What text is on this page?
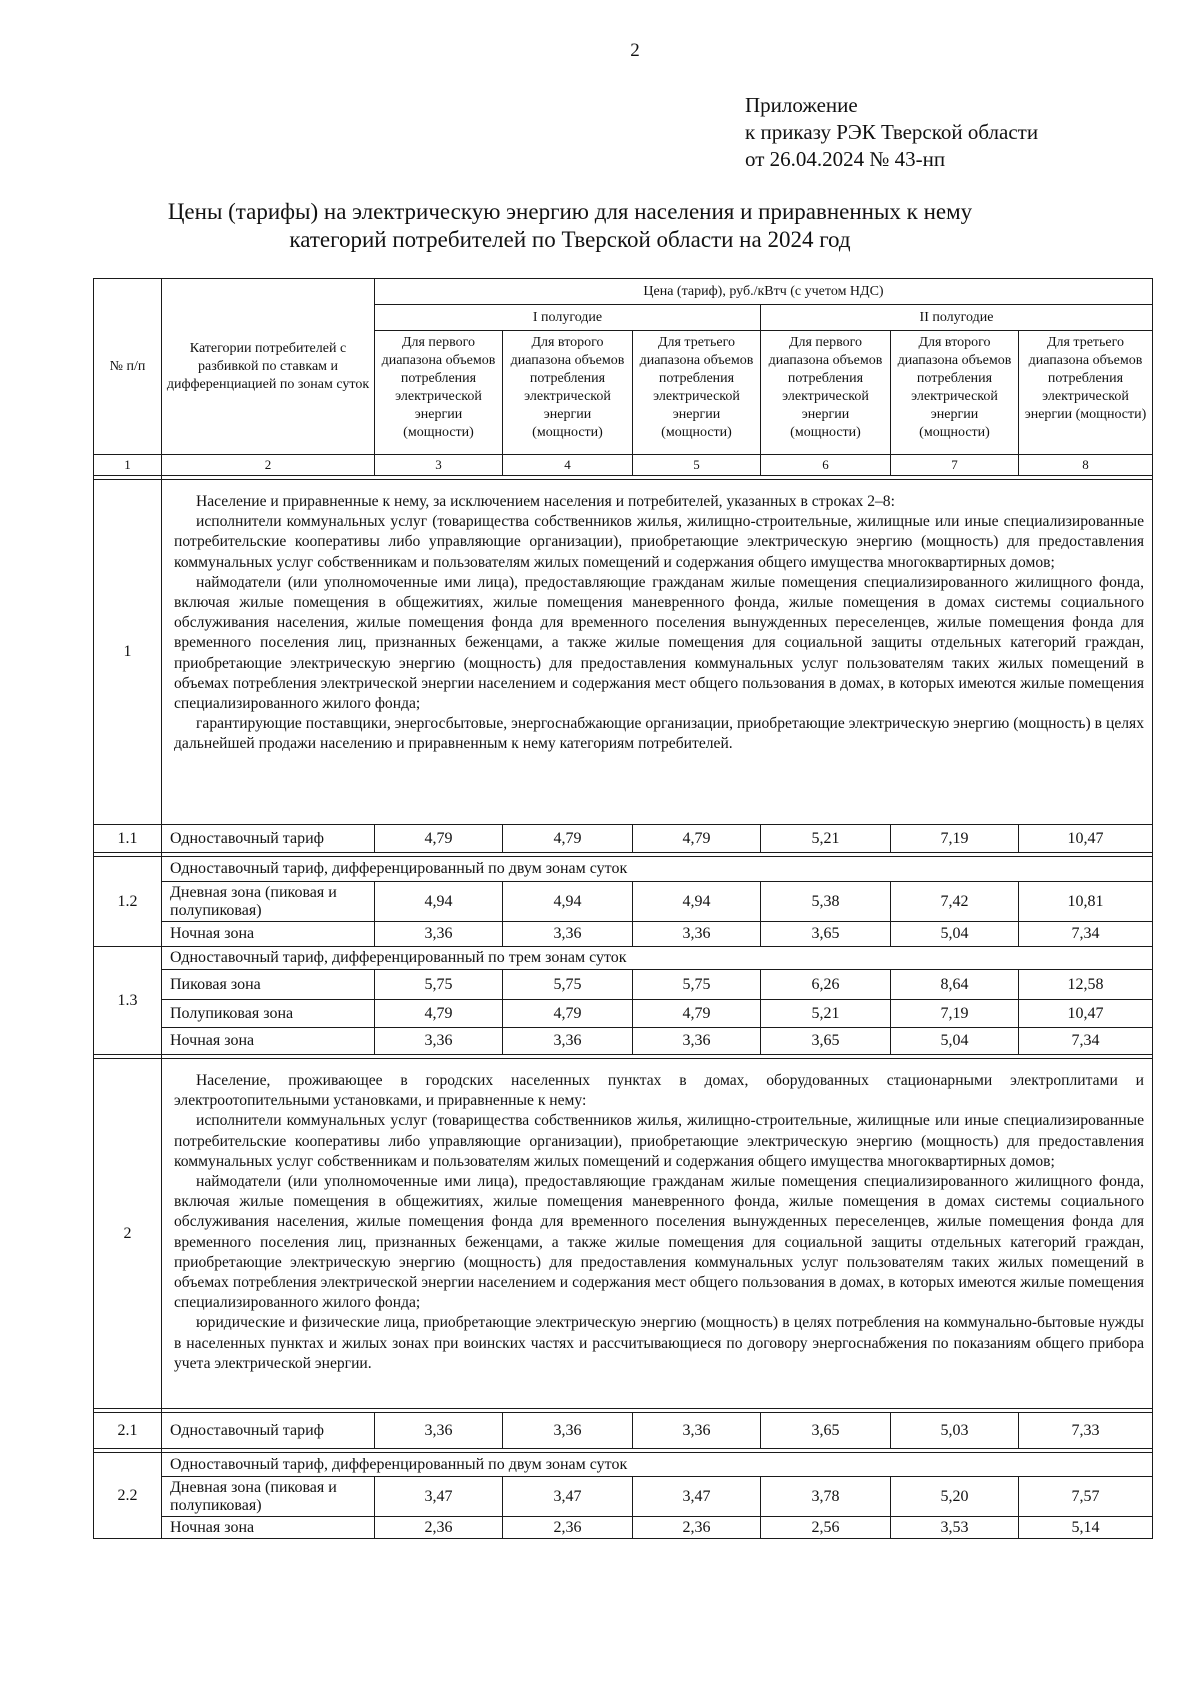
2
Приложение
к приказу РЭК Тверской области
от 26.04.2024 № 43-нп
Цены (тарифы) на электрическую энергию для населения и приравненных к нему
категорий потребителей по Тверской области на 2024 год
№ п/п	Категории потребителей с разбивкой по ставкам и дифференциацией по зонам суток	Цена (тариф), руб./кВтч (с учетом НДС)					
		I полугодие			II полугодие		
		Для первого диапазона объемов потребления электрической энергии (мощности)	Для второго диапазона объемов потребления электрической энергии (мощности)	Для третьего диапазона объемов потребления электрической энергии (мощности)	Для первого диапазона объемов потребления электрической энергии (мощности)	Для второго диапазона объемов потребления электрической энергии (мощности)	Для третьего диапазона объемов потребления электрической энергии (мощности)
1	2	3	4	5	6	7	8

1	Население и приравненные к нему, за исключением населения и потребителей, указанных в строках 2–8:

исполнители коммунальных услуг (товарищества собственников жилья, жилищно-строительные, жилищные или иные специализированные потребительские кооперативы либо управляющие организации), приобретающие электрическую энергию (мощность) для предоставления коммунальных услуг собственникам и пользователям жилых помещений и содержания общего имущества многоквартирных домов;

наймодатели (или уполномоченные ими лица), предоставляющие гражданам жилые помещения специализированного жилищного фонда, включая жилые помещения в общежитиях, жилые помещения маневренного фонда, жилые помещения в домах системы социального обслуживания населения, жилые помещения фонда для временного поселения вынужденных переселенцев, жилые помещения фонда для временного поселения лиц, признанных беженцами, а также жилые помещения для социальной защиты отдельных категорий граждан, приобретающие электрическую энергию (мощность) для предоставления коммунальных услуг пользователям таких жилых помещений в объемах потребления электрической энергии населением и содержания мест общего пользования в домах, в которых имеются жилые помещения специализированного жилого фонда;

гарантирующие поставщики, энергосбытовые, энергоснабжающие организации, приобретающие электрическую энергию (мощность) в целях дальнейшей продажи населению и приравненным к нему категориям потребителей.						

1.1	Одноставочный тариф	4,79	4,79	4,79	5,21	7,19	10,47

1.2	Одноставочный тариф, дифференцированный по двум зонам суток						
	Дневная зона (пиковая и полупиковая)	4,94	4,94	4,94	5,38	7,42	10,81
	Ночная зона	3,36	3,36	3,36	3,65	5,04	7,34
1.3	Одноставочный тариф, дифференцированный по трем зонам суток						
	Пиковая зона	5,75	5,75	5,75	6,26	8,64	12,58
	Полупиковая зона	4,79	4,79	4,79	5,21	7,19	10,47
	Ночная зона	3,36	3,36	3,36	3,65	5,04	7,34

2	Население, проживающее в городских населенных пунктах в домах, оборудованных стационарными электроплитами и электроотопительными установками, и приравненные к нему:

исполнители коммунальных услуг (товарищества собственников жилья, жилищно-строительные, жилищные или иные специализированные потребительские кооперативы либо управляющие организации), приобретающие электрическую энергию (мощность) для предоставления коммунальных услуг собственникам и пользователям жилых помещений и содержания общего имущества многоквартирных домов;

наймодатели (или уполномоченные ими лица), предоставляющие гражданам жилые помещения специализированного жилищного фонда, включая жилые помещения в общежитиях, жилые помещения маневренного фонда, жилые помещения в домах системы социального обслуживания населения, жилые помещения фонда для временного поселения вынужденных переселенцев, жилые помещения фонда для временного поселения лиц, признанных беженцами, а также жилые помещения для социальной защиты отдельных категорий граждан, приобретающие электрическую энергию (мощность) для предоставления коммунальных услуг пользователям таких жилых помещений в объемах потребления электрической энергии населением и содержания мест общего пользования в домах, в которых имеются жилые помещения специализированного жилого фонда;

юридические и физические лица, приобретающие электрическую энергию (мощность) в целях потребления на коммунально-бытовые нужды в населенных пунктах и жилых зонах при воинских частях и рассчитывающиеся по договору энергоснабжения по показаниям общего прибора учета электрической энергии.						

2.1	Одноставочный тариф	3,36	3,36	3,36	3,65	5,03	7,33

2.2	Одноставочный тариф, дифференцированный по двум зонам суток						
	Дневная зона (пиковая и полупиковая)	3,47	3,47	3,47	3,78	5,20	7,57
	Ночная зона	2,36	2,36	2,36	2,56	3,53	5,14
